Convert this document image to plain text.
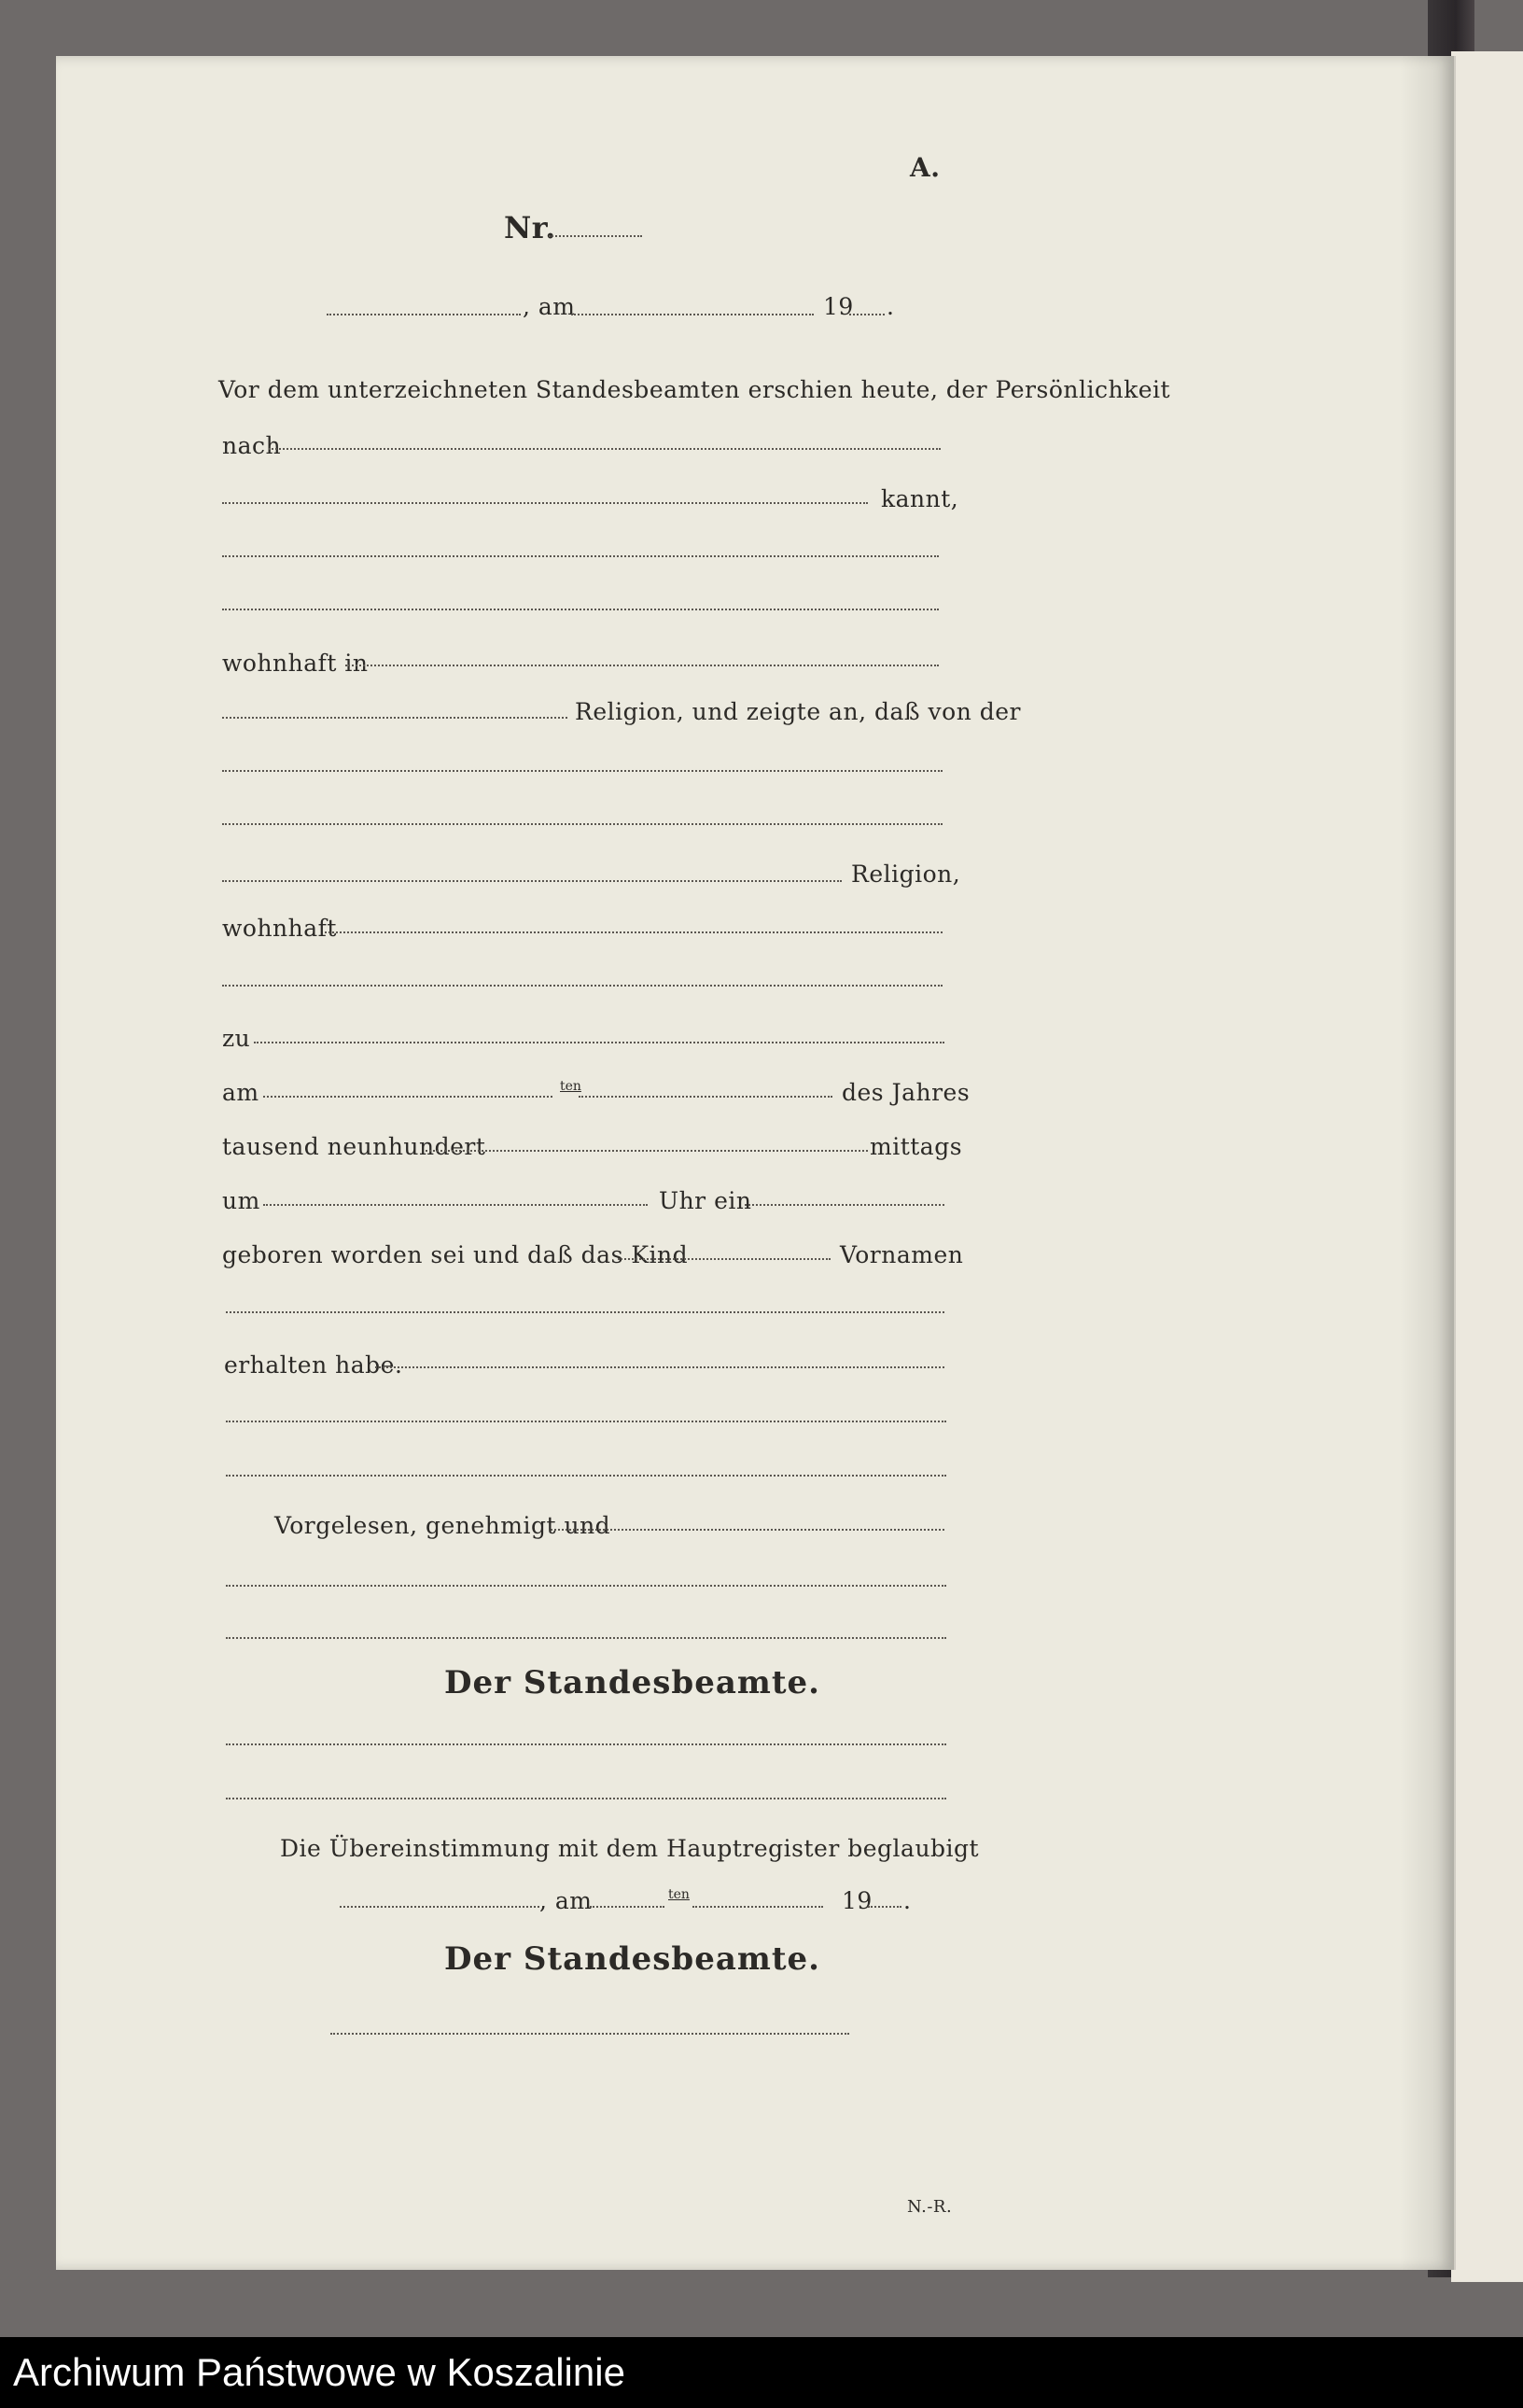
A.
Nr.
, am	19 .
Vor dem unterzeichneten Standesbeamten erschien heute, der Persönlichkeit
nach
kannt,
wohnhaft in
Religion, und zeigte an, daß von der
Religion,
wohnhaft
zu
am	ten	des Jahres
tausend neunhundert	mittags
um	Uhr ein
geboren worden sei und daß das Kind	Vornamen
erhalten habe.
Vorgelesen, genehmigt und
Der Standesbeamte.
Die Übereinstimmung mit dem Hauptregister beglaubigt
, am	ten	19 .
Der Standesbeamte.
N.-R.
Archiwum Państwowe w Koszalinie
